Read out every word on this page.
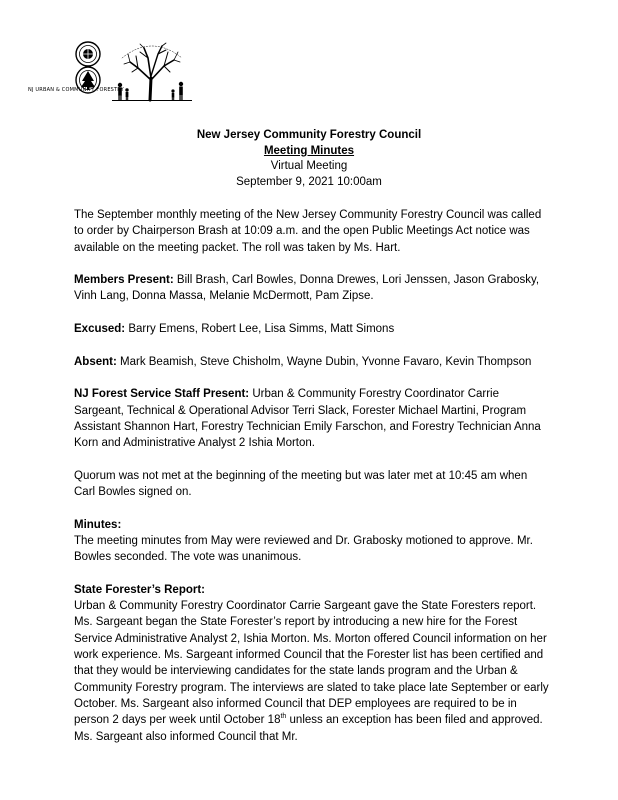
NJ URBAN & COMMUNITY FORESTRY
New Jersey Community Forestry Council
Meeting Minutes
Virtual Meeting
September 9, 2021 10:00am

The September monthly meeting of the New Jersey Community Forestry Council was called to order by Chairperson Brash at 10:09 a.m. and the open Public Meetings Act notice was available on the meeting packet. The roll was taken by Ms. Hart.

Members Present: Bill Brash, Carl Bowles, Donna Drewes, Lori Jenssen, Jason Grabosky, Vinh Lang, Donna Massa, Melanie McDermott, Pam Zipse.

Excused: Barry Emens, Robert Lee, Lisa Simms, Matt Simons

Absent: Mark Beamish, Steve Chisholm, Wayne Dubin, Yvonne Favaro, Kevin Thompson

NJ Forest Service Staff Present: Urban & Community Forestry Coordinator Carrie Sargeant, Technical & Operational Advisor Terri Slack, Forester Michael Martini, Program Assistant Shannon Hart, Forestry Technician Emily Farschon, and Forestry Technician Anna Korn and Administrative Analyst 2 Ishia Morton.

Quorum was not met at the beginning of the meeting but was later met at 10:45 am when Carl Bowles signed on.

Minutes:

The meeting minutes from May were reviewed and Dr. Grabosky motioned to approve. Mr. Bowles seconded. The vote was unanimous.

State Forester’s Report:

Urban & Community Forestry Coordinator Carrie Sargeant gave the State Foresters report. Ms. Sargeant began the State Forester’s report by introducing a new hire for the Forest Service Administrative Analyst 2, Ishia Morton. Ms. Morton offered Council information on her work experience. Ms. Sargeant informed Council that the Forester list has been certified and that they would be interviewing candidates for the state lands program and the Urban & Community Forestry program. The interviews are slated to take place late September or early October. Ms. Sargeant also informed Council that DEP employees are required to be in person 2 days per week until October 18th unless an exception has been filed and approved. Ms. Sargeant also informed Council that Mr.
